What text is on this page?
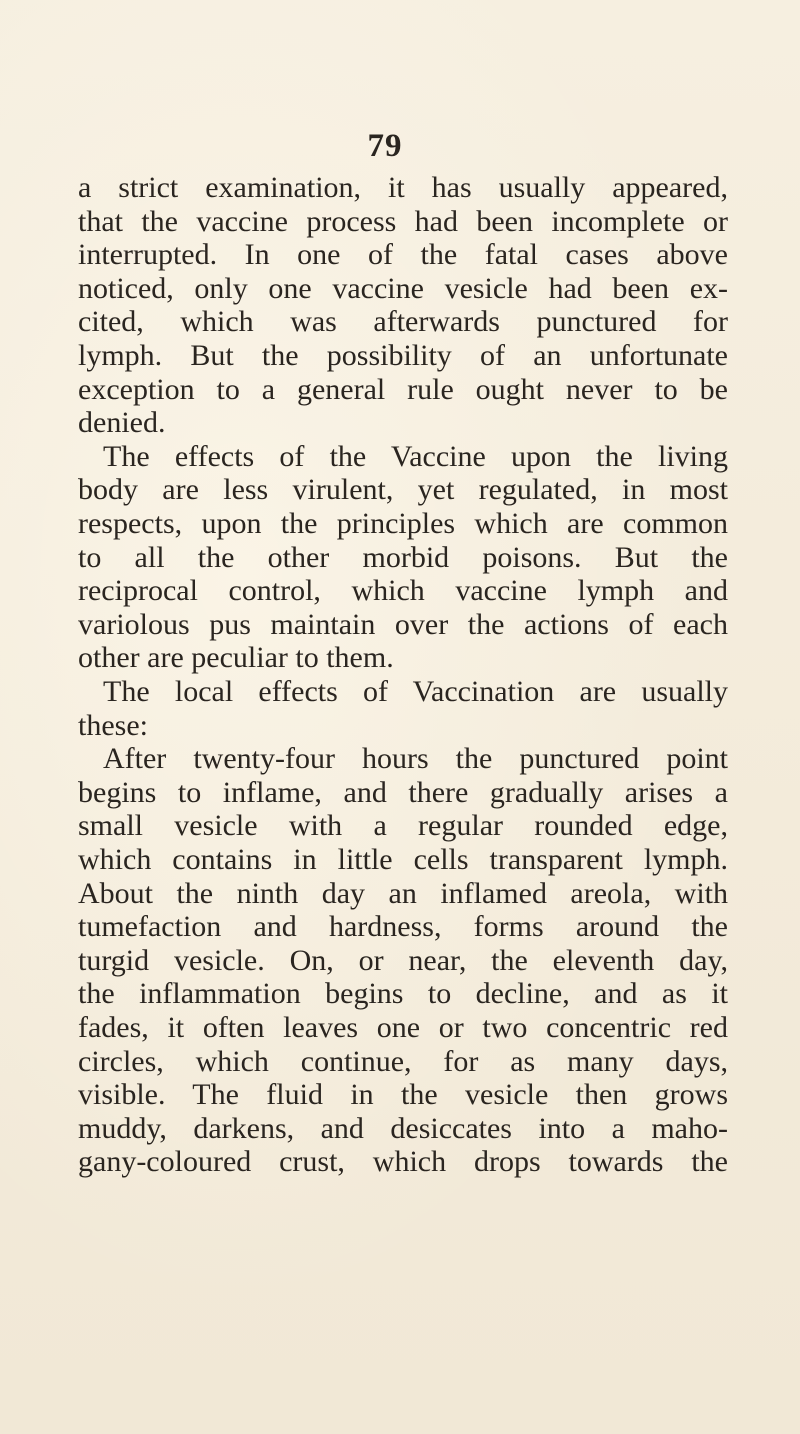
79
a strict examination, it has usually appeared,
that the vaccine process had been incomplete or
interrupted. In one of the fatal cases above
noticed, only one vaccine vesicle had been ex-
cited, which was afterwards punctured for
lymph. But the possibility of an unfortunate
exception to a general rule ought never to be
denied.
The effects of the Vaccine upon the living
body are less virulent, yet regulated, in most
respects, upon the principles which are common
to all the other morbid poisons. But the
reciprocal control, which vaccine lymph and
variolous pus maintain over the actions of each
other are peculiar to them.
The local effects of Vaccination are usually
these:
After twenty-four hours the punctured point
begins to inflame, and there gradually arises a
small vesicle with a regular rounded edge,
which contains in little cells transparent lymph.
About the ninth day an inflamed areola, with
tumefaction and hardness, forms around the
turgid vesicle. On, or near, the eleventh day,
the inflammation begins to decline, and as it
fades, it often leaves one or two concentric red
circles, which continue, for as many days,
visible. The fluid in the vesicle then grows
muddy, darkens, and desiccates into a maho-
gany-coloured crust, which drops towards the
